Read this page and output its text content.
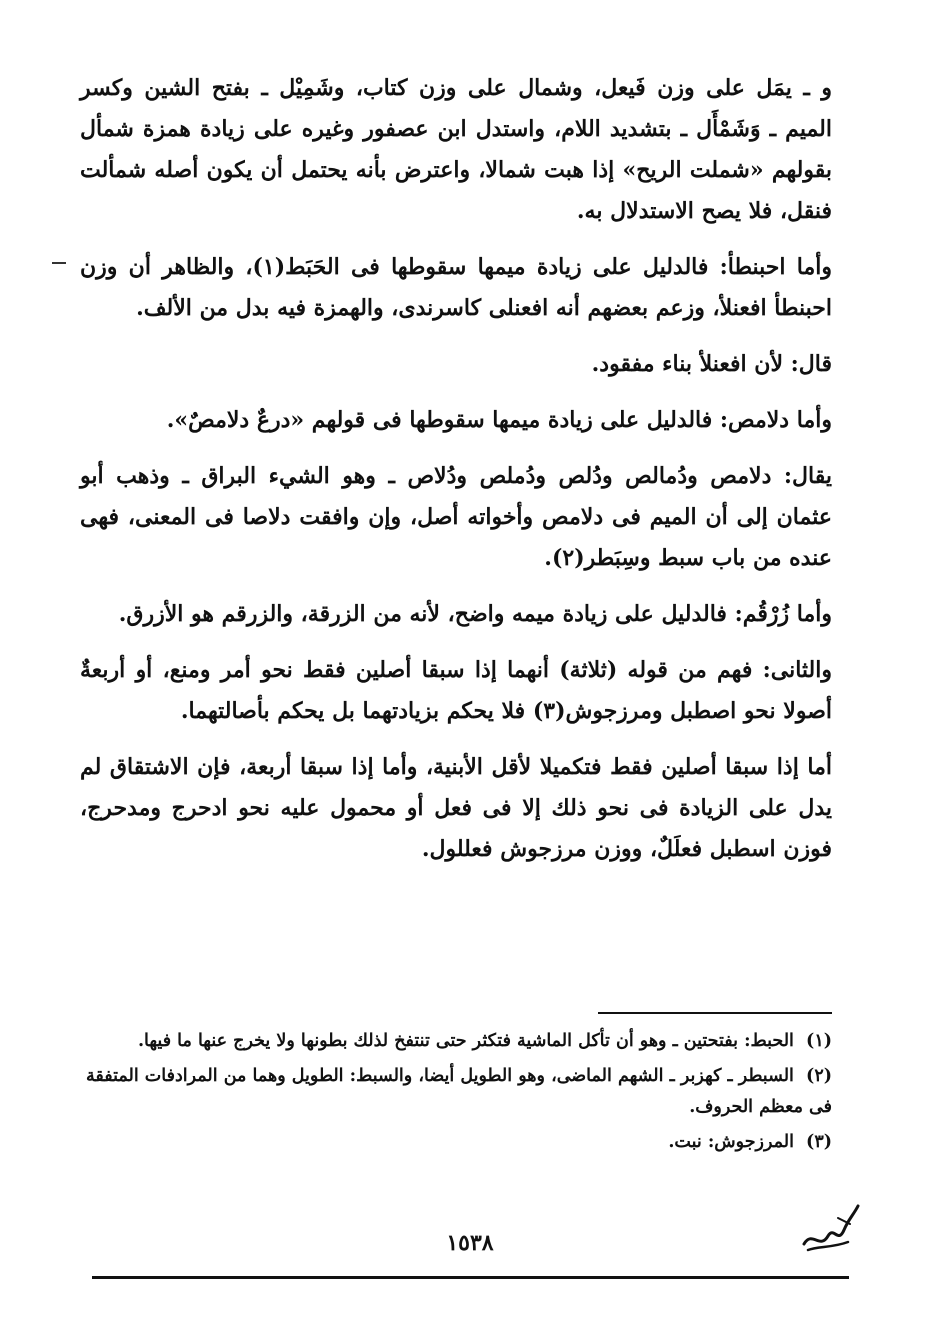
و ـ يمَل على وزن فَيعل، وشمال على وزن كتاب، وشَمِيْل ـ بفتح الشين وكسر الميم ـ وَشَمْأَل ـ بتشديد اللام، واستدل ابن عصفور وغيره على زيادة همزة شمأل بقولهم «شملت الريح» إذا هبت شمالا، واعترض بأنه يحتمل أن يكون أصله شمألت فنقل، فلا يصح الاستدلال به.

وأما احبنطأ: فالدليل على زيادة ميمها سقوطها فى الحَبَط(١)، والظاهر أن وزن احبنطأ افعنلأ، وزعم بعضهم أنه افعنلى كاسرندى، والهمزة فيه بدل من الألف.

قال: لأن افعنلأ بناء مفقود.

وأما دلامص: فالدليل على زيادة ميمها سقوطها فى قولهم «درعٌ دلامصٌ».

يقال: دلامص ودُمالص ودُلص ودُملص ودُلاص ـ وهو الشيء البراق ـ وذهب أبو عثمان إلى أن الميم فى دلامص وأخواته أصل، وإن وافقت دلاصا فى المعنى، فهى عنده من باب سبط وسِبَطر(٢).

وأما زُرْقُم: فالدليل على زيادة ميمه واضح، لأنه من الزرقة، والزرقم هو الأزرق.

والثانى: فهم من قوله (ثلاثة) أنهما إذا سبقا أصلين فقط نحو أمر ومنع، أو أربعةٌ أصولا نحو اصطبل ومرزجوش(٣) فلا يحكم بزيادتهما بل يحكم بأصالتهما.

أما إذا سبقا أصلين فقط فتكميلا لأقل الأبنية، وأما إذا سبقا أربعة، فإن الاشتقاق لم يدل على الزيادة فى نحو ذلك إلا فى فعل أو محمول عليه نحو ادحرج ومدحرج، فوزن اسطبل فعلَلٌ، ووزن مرزجوش فعللول.

(١) الحبط: بفتحتين ـ وهو أن تأكل الماشية فتكثر حتى تنتفخ لذلك بطونها ولا يخرج عنها ما فيها.

(٢) السبطر ـ كهزبر ـ الشهم الماضى، وهو الطويل أيضا، والسبط: الطويل وهما من المرادفات المتفقة فى معظم الحروف.

(٣) المرزجوش: نبت.

١٥٣٨
